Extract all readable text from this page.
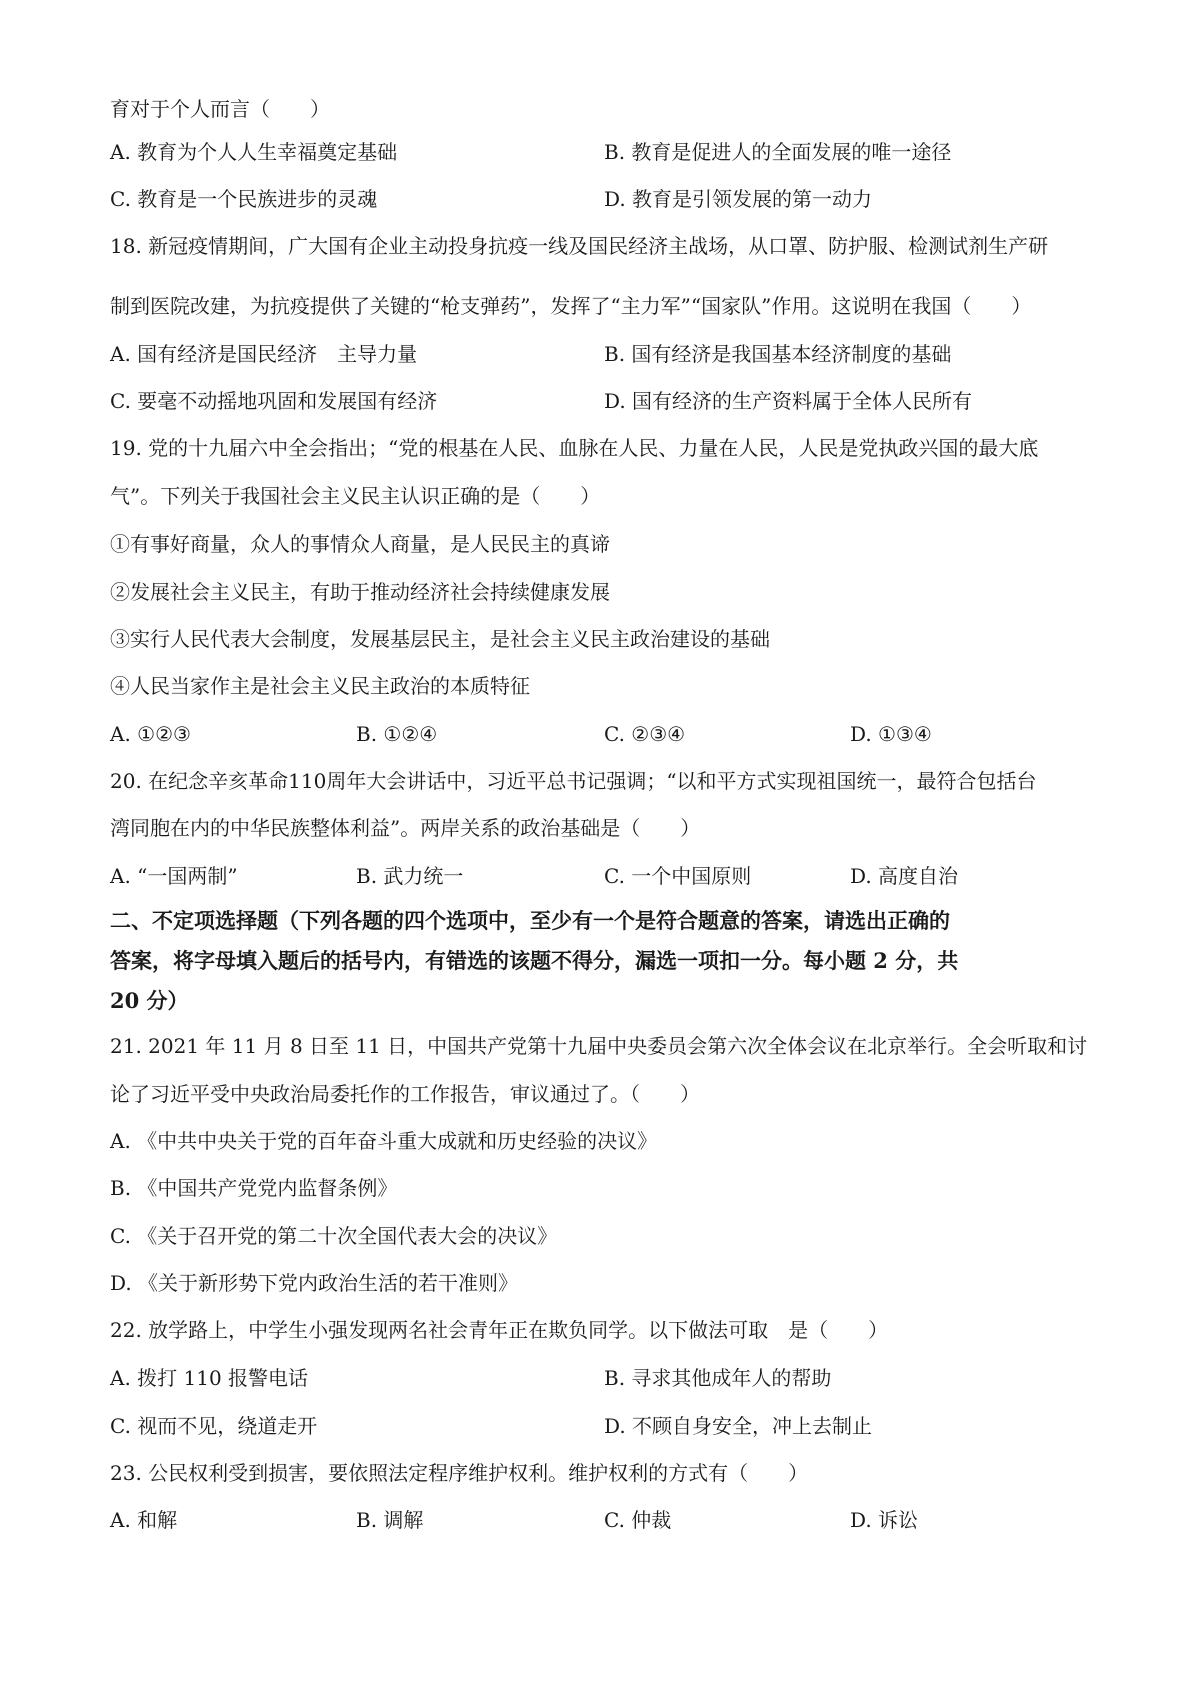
育对于个人而言（　　）
A. 教育为个人人生幸福奠定基础	B. 教育是促进人的全面发展的唯一途径
C. 教育是一个民族进步的灵魂	D. 教育是引领发展的第一动力
18. 新冠疫情期间，广大国有企业主动投身抗疫一线及国民经济主战场，从口罩、防护服、检测试剂生产研
制到医院改建，为抗疫提供了关键的“枪支弹药”，发挥了“主力军”“国家队”作用。这说明在我国（　　）
A. 国有经济是国民经济　主导力量	B. 国有经济是我国基本经济制度的基础
C. 要毫不动摇地巩固和发展国有经济	D. 国有经济的生产资料属于全体人民所有
19. 党的十九届六中全会指出；“党的根基在人民、血脉在人民、力量在人民，人民是党执政兴国的最大底
气”。下列关于我国社会主义民主认识正确的是（　　）
①有事好商量，众人的事情众人商量，是人民民主的真谛
②发展社会主义民主，有助于推动经济社会持续健康发展
③实行人民代表大会制度，发展基层民主，是社会主义民主政治建设的基础
④人民当家作主是社会主义民主政治的本质特征
A. ①②③	B. ①②④	C. ②③④	D. ①③④
20. 在纪念辛亥革命110周年大会讲话中，习近平总书记强调；“以和平方式实现祖国统一，最符合包括台
湾同胞在内的中华民族整体利益”。两岸关系的政治基础是（　　）
A. “一国两制”	B. 武力统一	C. 一个中国原则	D. 高度自治
二、不定项选择题（下列各题的四个选项中，至少有一个是符合题意的答案，请选出正确的
答案，将字母填入题后的括号内，有错选的该题不得分，漏选一项扣一分。每小题 2 分，共
20 分）
21. 2021 年 11 月 8 日至 11 日，中国共产党第十九届中央委员会第六次全体会议在北京举行。全会听取和讨
论了习近平受中央政治局委托作的工作报告，审议通过了。（　　）
A. 《中共中央关于党的百年奋斗重大成就和历史经验的决议》
B. 《中国共产党党内监督条例》
C. 《关于召开党的第二十次全国代表大会的决议》
D. 《关于新形势下党内政治生活的若干准则》
22. 放学路上，中学生小强发现两名社会青年正在欺负同学。以下做法可取　是（　　）
A. 拨打 110 报警电话	B. 寻求其他成年人的帮助
C. 视而不见，绕道走开	D. 不顾自身安全，冲上去制止
23. 公民权利受到损害，要依照法定程序维护权利。维护权利的方式有（　　）
A. 和解	B. 调解	C. 仲裁	D. 诉讼
